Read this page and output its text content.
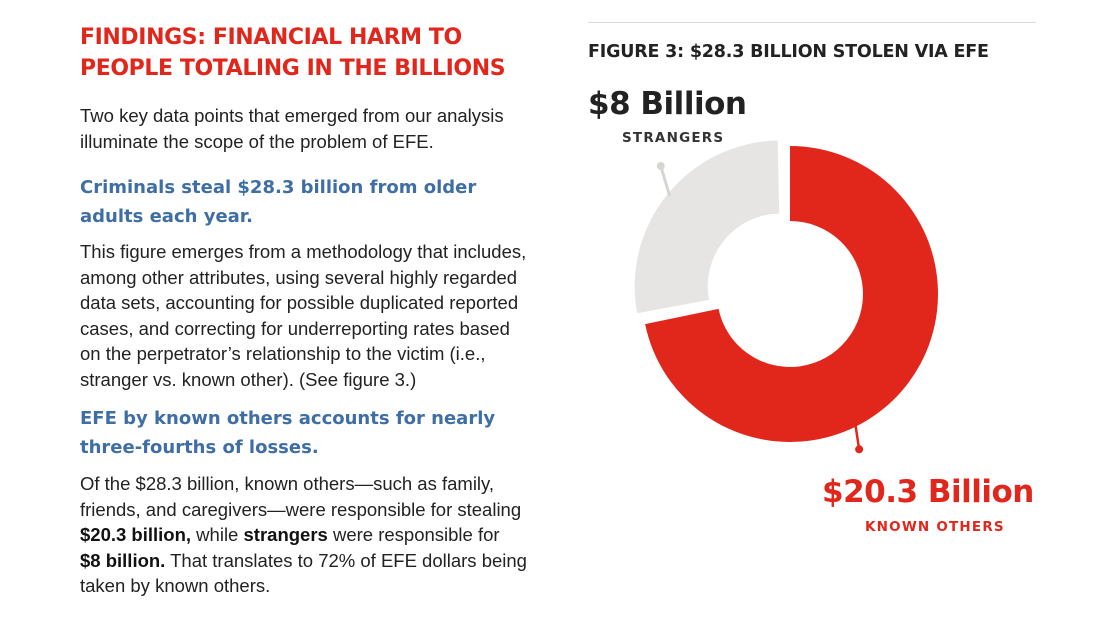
FINDINGS: FINANCIAL HARM TO
PEOPLE TOTALING IN THE BILLIONS

Two key data points that emerged from our analysis
illuminate the scope of the problem of EFE.

Criminals steal $28.3 billion from older
adults each year.

This figure emerges from a methodology that includes,
among other attributes, using several highly regarded
data sets, accounting for possible duplicated reported
cases, and correcting for underreporting rates based
on the perpetrator’s relationship to the victim (i.e.,
stranger vs. known other). (See figure 3.)

EFE by known others accounts for nearly
three-fourths of losses.

Of the $28.3 billion, known others—such as family,
friends, and caregivers—were responsible for stealing
$20.3 billion, while strangers were responsible for
$8 billion. That translates to 72% of EFE dollars being
taken by known others.

FIGURE 3: $28.3 BILLION STOLEN VIA EFE

$8 Billion

STRANGERS

$20.3 Billion

KNOWN OTHERS
